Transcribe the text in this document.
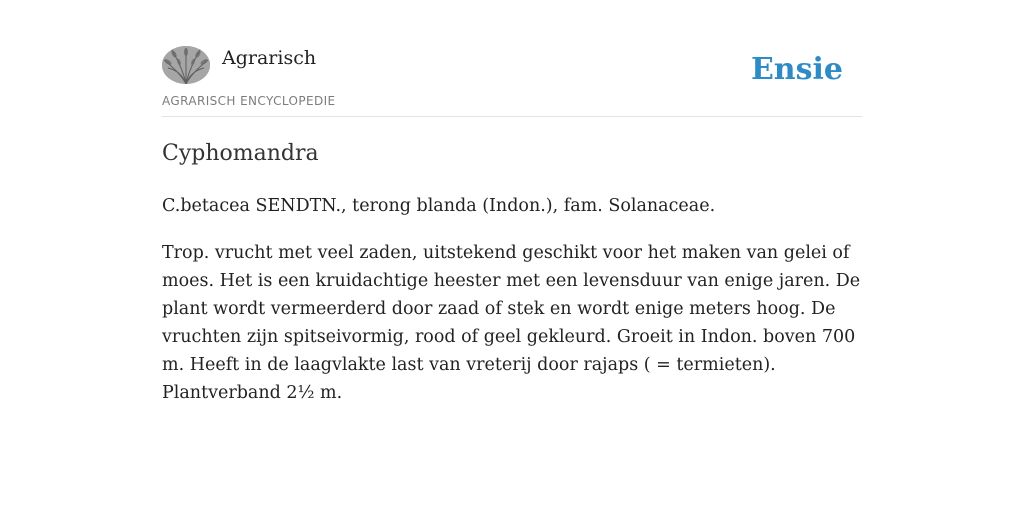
Agrarisch
AGRARISCH ENCYCLOPEDIE
Ensie
Cyphomandra

C.betacea SENDTN., terong blanda (Indon.), fam. Solanaceae.

Trop. vrucht met veel zaden, uitstekend geschikt voor het maken van gelei of moes. Het is een kruidachtige heester met een levensduur van enige jaren. De plant wordt vermeerderd door zaad of stek en wordt enige meters hoog. De vruchten zijn spitseivormig, rood of geel gekleurd. Groeit in Indon. boven 700 m. Heeft in de laagvlakte last van vreterij door rajaps ( = termieten). Plantverband 2½ m.
